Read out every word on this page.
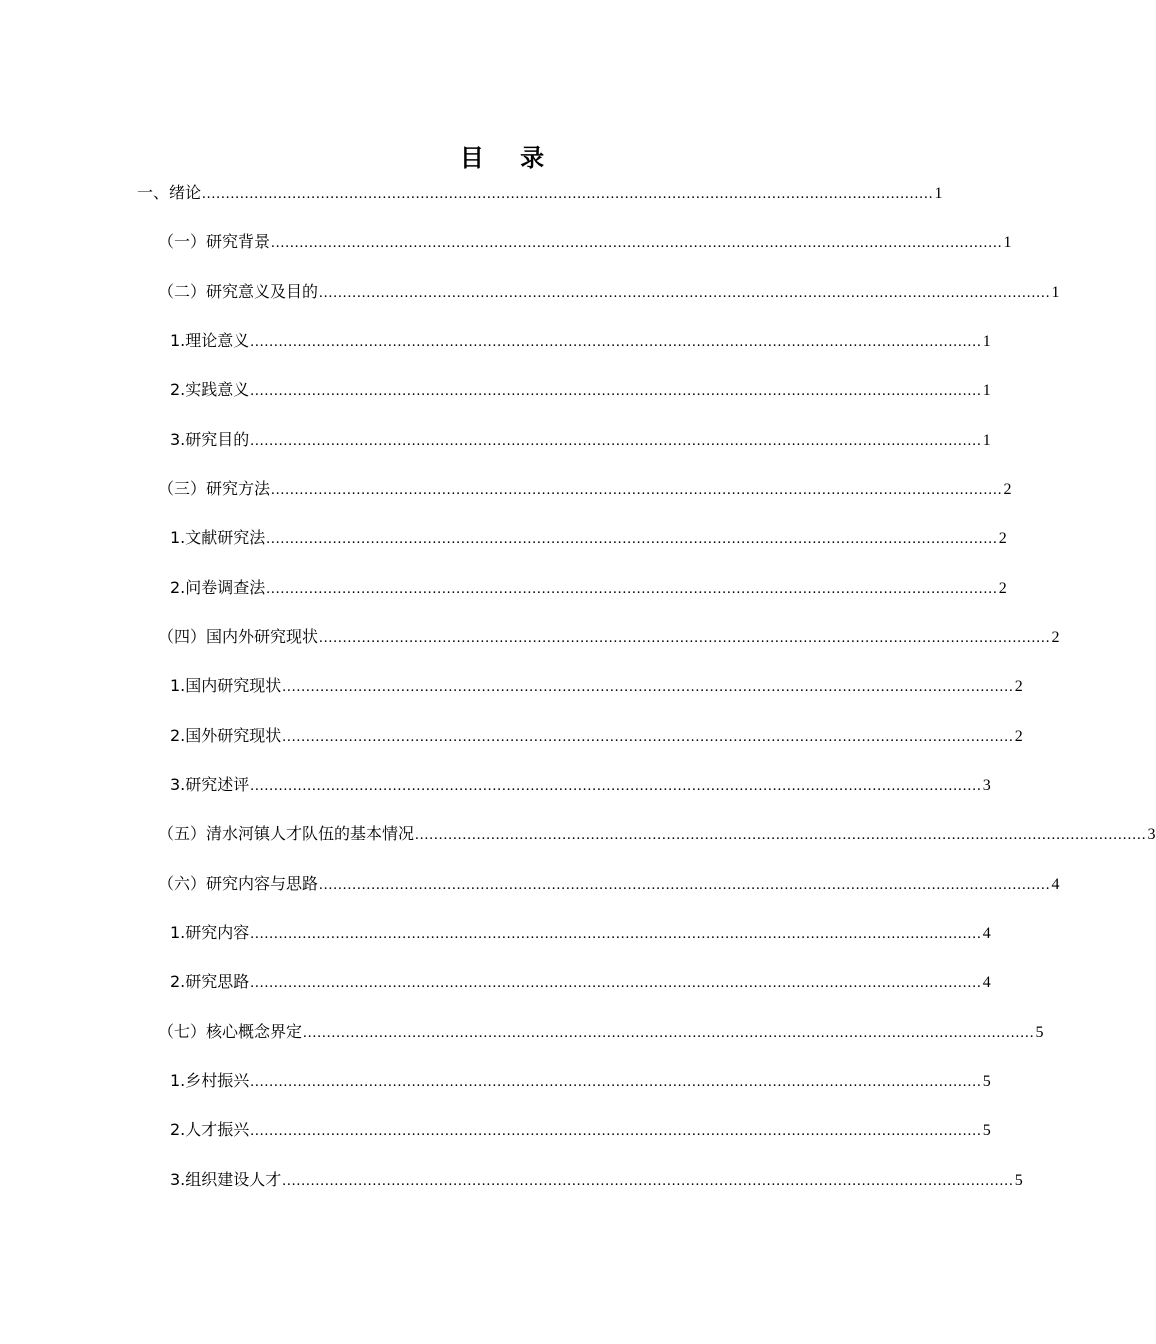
目 录
一、绪论 .......................................................................................................................................................... 1
（一）研究背景 .......................................................................................................................................................... 1
（二）研究意义及目的 .......................................................................................................................................................... 1
1.理论意义 .......................................................................................................................................................... 1
2.实践意义 .......................................................................................................................................................... 1
3.研究目的 .......................................................................................................................................................... 1
（三）研究方法 .......................................................................................................................................................... 2
1.文献研究法 .......................................................................................................................................................... 2
2.问卷调查法 .......................................................................................................................................................... 2
（四）国内外研究现状 .......................................................................................................................................................... 2
1.国内研究现状 .......................................................................................................................................................... 2
2.国外研究现状 .......................................................................................................................................................... 2
3.研究述评 .......................................................................................................................................................... 3
（五）清水河镇人才队伍的基本情况 .......................................................................................................................................................... 3
（六）研究内容与思路 .......................................................................................................................................................... 4
1.研究内容 .......................................................................................................................................................... 4
2.研究思路 .......................................................................................................................................................... 4
（七）核心概念界定 .......................................................................................................................................................... 5
1.乡村振兴 .......................................................................................................................................................... 5
2.人才振兴 .......................................................................................................................................................... 5
3.组织建设人才 .......................................................................................................................................................... 5
